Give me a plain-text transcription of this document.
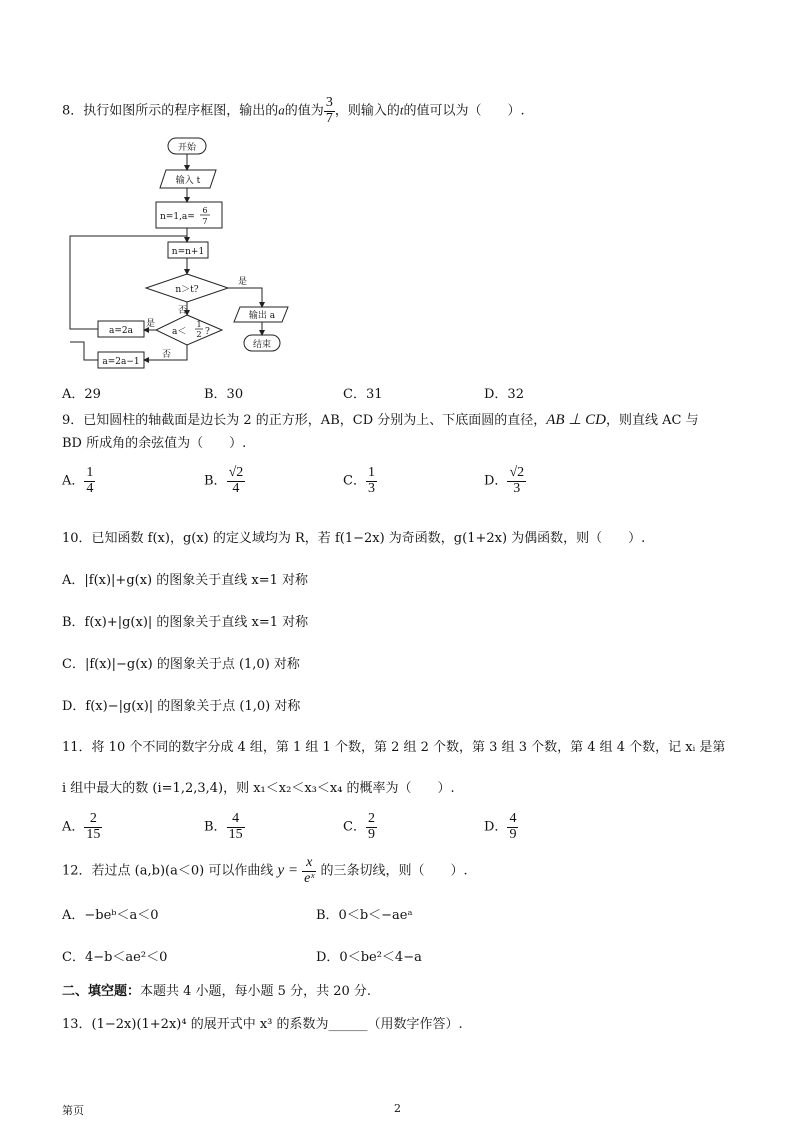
8．执行如图所示的程序框图，输出的a的值为 $\frac{3}{7}$ ，则输入的t的值可以为（　　）.
开始
输入 t
n=1,a=
6
7
n=n+1
n＞t?
是
否	输出 a
结束
a＜
1
2 ?
是
否
a=2a
a=2a−1
A．29	B．30	C．31	D．32
9．已知圆柱的轴截面是边长为 2 的正方形，AB，CD 分别为上、下底面圆的直径，AB ⊥ CD，则直线 AC 与
BD 所成角的余弦值为（　　）.
A． $\frac{1}{4}$	B． $\frac{√2}{4}$	C． $\frac{1}{3}$	D． $\frac{√2}{3}$
10．已知函数 f(x)，g(x) 的定义域均为 R，若 f(1−2x) 为奇函数，g(1+2x) 为偶函数，则（　　）.
A．|f(x)|+g(x) 的图象关于直线 x=1 对称
B．f(x)+|g(x)| 的图象关于直线 x=1 对称
C．|f(x)|−g(x) 的图象关于点 (1,0) 对称
D．f(x)−|g(x)| 的图象关于点 (1,0) 对称
11．将 10 个不同的数字分成 4 组，第 1 组 1 个数，第 2 组 2 个数，第 3 组 3 个数，第 4 组 4 个数，记 xᵢ 是第
i 组中最大的数 (i=1,2,3,4)，则 x₁＜x₂＜x₃＜x₄ 的概率为（　　）.
A． $\frac{2}{15}$	B． $\frac{4}{15}$	C． $\frac{2}{9}$	D． $\frac{4}{9}$
12．若过点 (a,b)(a＜0) 可以作曲线 $y = \frac{x}{\text{eˣ}}$ 的三条切线，则（　　）.
A．−beᵇ＜a＜0	B．0＜b＜−aeᵃ
C．4−b＜ae²＜0	D．0＜be²＜4−a
二、填空题：本题共 4 小题，每小题 5 分，共 20 分.
13．(1−2x)(1+2x)⁴ 的展开式中 x³ 的系数为______（用数字作答）.
第页	2
